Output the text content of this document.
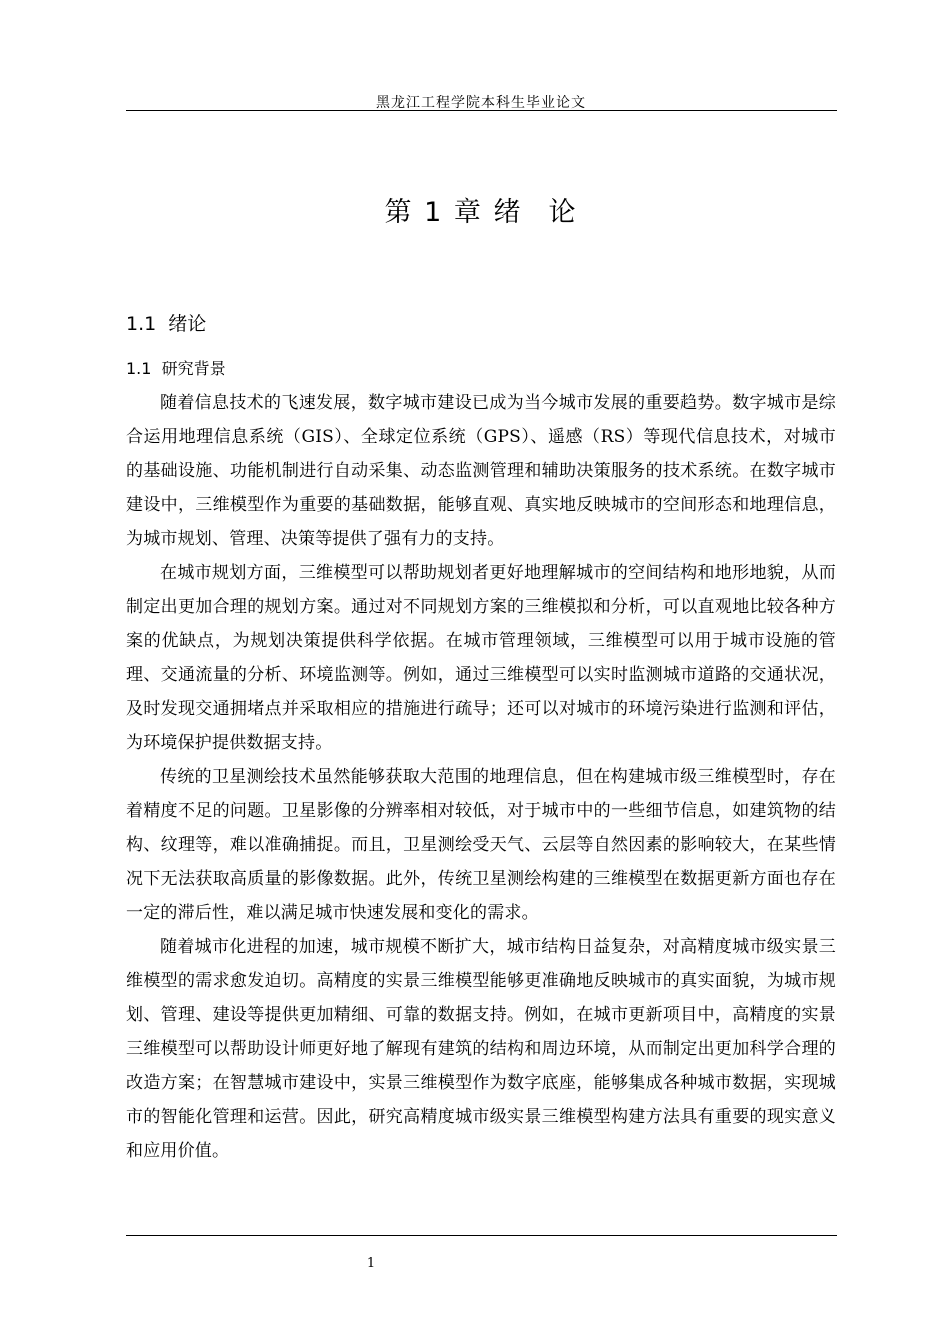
黑龙江工程学院本科生毕业论文
第 1 章 绪 论
1.1  绪论
1.1  研究背景

随着信息技术的飞速发展，数字城市建设已成为当今城市发展的重要趋势。数字城市是综合运用地理信息系统（GIS）、全球定位系统（GPS）、遥感（RS）等现代信息技术，对城市的基础设施、功能机制进行自动采集、动态监测管理和辅助决策服务的技术系统。在数字城市建设中，三维模型作为重要的基础数据，能够直观、真实地反映城市的空间形态和地理信息，为城市规划、管理、决策等提供了强有力的支持。

在城市规划方面，三维模型可以帮助规划者更好地理解城市的空间结构和地形地貌，从而制定出更加合理的规划方案。通过对不同规划方案的三维模拟和分析，可以直观地比较各种方案的优缺点，为规划决策提供科学依据。在城市管理领域，三维模型可以用于城市设施的管理、交通流量的分析、环境监测等。例如，通过三维模型可以实时监测城市道路的交通状况，及时发现交通拥堵点并采取相应的措施进行疏导；还可以对城市的环境污染进行监测和评估，为环境保护提供数据支持。

传统的卫星测绘技术虽然能够获取大范围的地理信息，但在构建城市级三维模型时，存在着精度不足的问题。卫星影像的分辨率相对较低，对于城市中的一些细节信息，如建筑物的结构、纹理等，难以准确捕捉。而且，卫星测绘受天气、云层等自然因素的影响较大，在某些情况下无法获取高质量的影像数据。此外，传统卫星测绘构建的三维模型在数据更新方面也存在一定的滞后性，难以满足城市快速发展和变化的需求。

随着城市化进程的加速，城市规模不断扩大，城市结构日益复杂，对高精度城市级实景三维模型的需求愈发迫切。高精度的实景三维模型能够更准确地反映城市的真实面貌，为城市规划、管理、建设等提供更加精细、可靠的数据支持。例如，在城市更新项目中，高精度的实景三维模型可以帮助设计师更好地了解现有建筑的结构和周边环境，从而制定出更加科学合理的改造方案；在智慧城市建设中，实景三维模型作为数字底座，能够集成各种城市数据，实现城市的智能化管理和运营。因此，研究高精度城市级实景三维模型构建方法具有重要的现实意义和应用价值。

1
